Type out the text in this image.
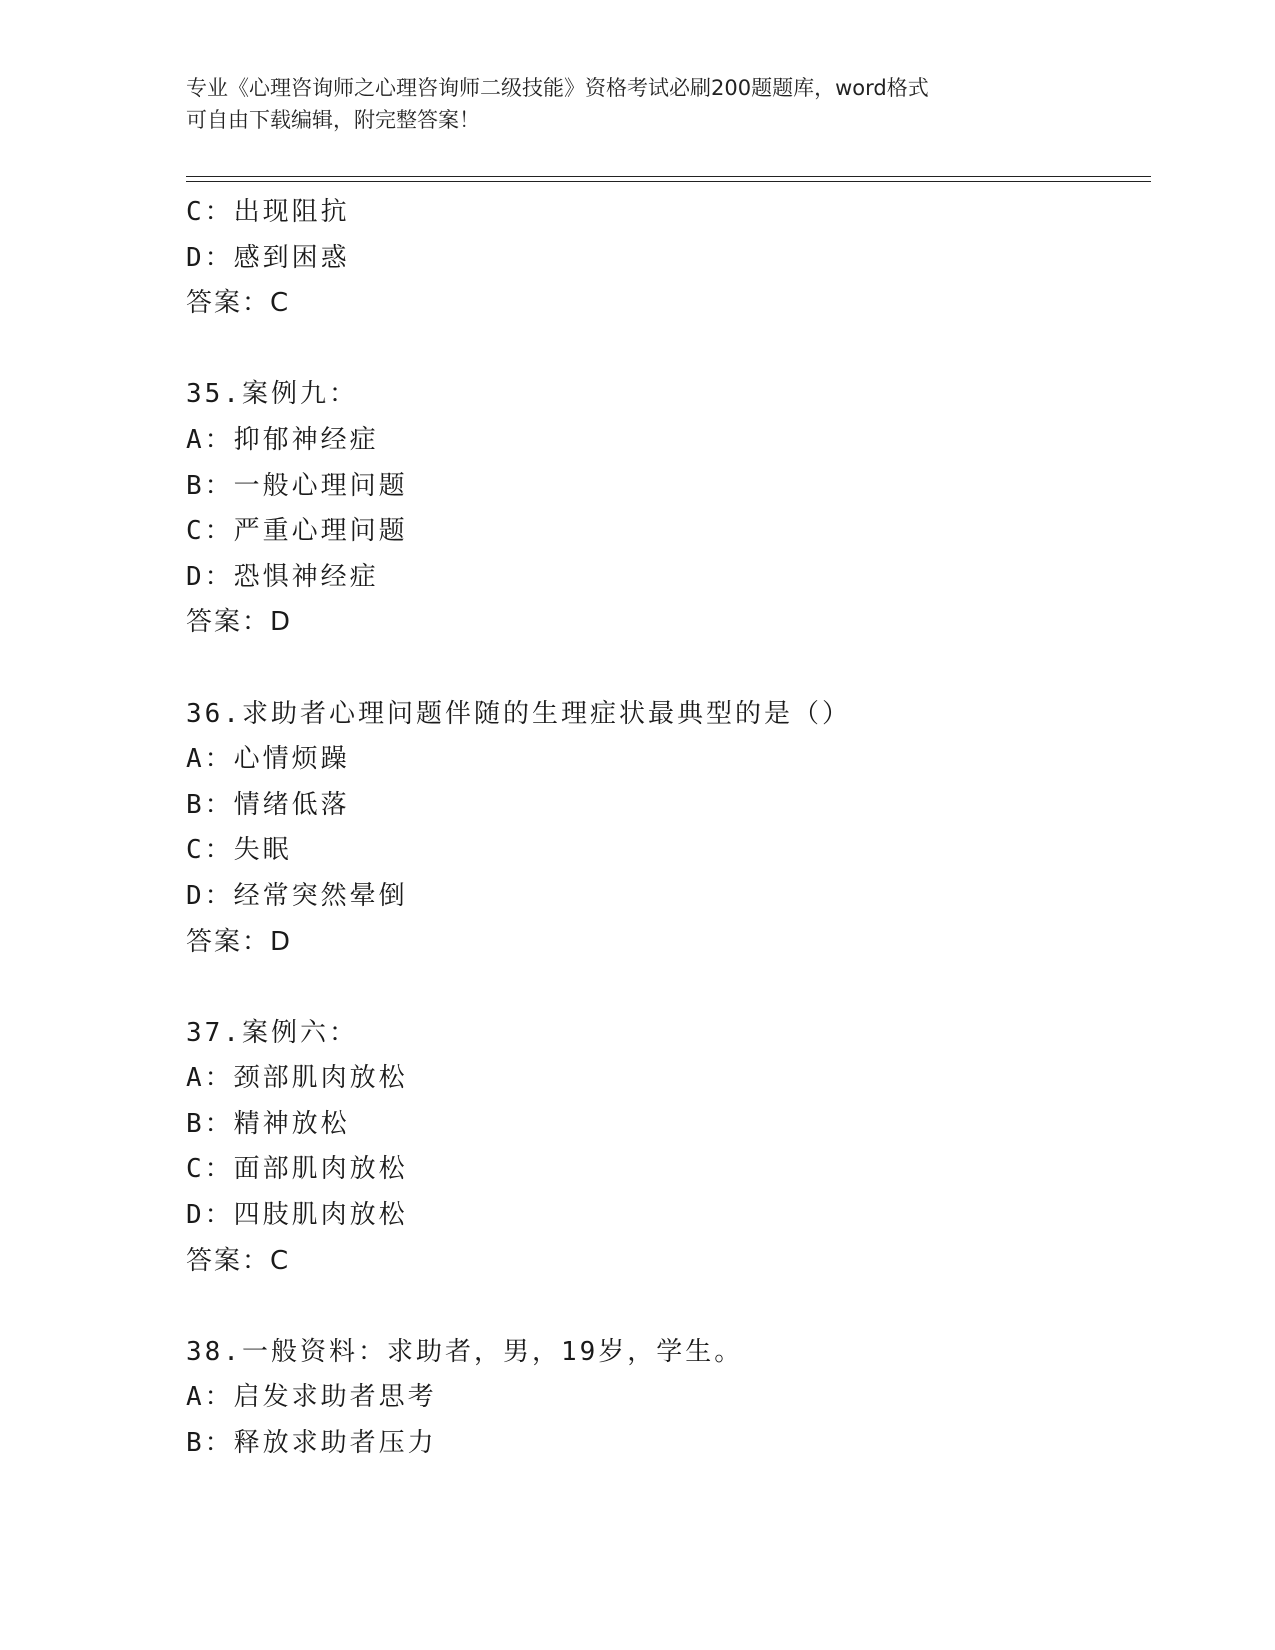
专业《心理咨询师之心理咨询师二级技能》资格考试必刷200题题库，word格式
可自由下载编辑，附完整答案！
C：出现阻抗
D：感到困惑
答案：C
35.案例九：
A：抑郁神经症
B：一般心理问题
C：严重心理问题
D：恐惧神经症
答案：D
36.求助者心理问题伴随的生理症状最典型的是（）
A：心情烦躁
B：情绪低落
C：失眠
D：经常突然晕倒
答案：D
37.案例六：
A：颈部肌肉放松
B：精神放松
C：面部肌肉放松
D：四肢肌肉放松
答案：C
38.一般资料：求助者，男，19岁，学生。
A：启发求助者思考
B：释放求助者压力
